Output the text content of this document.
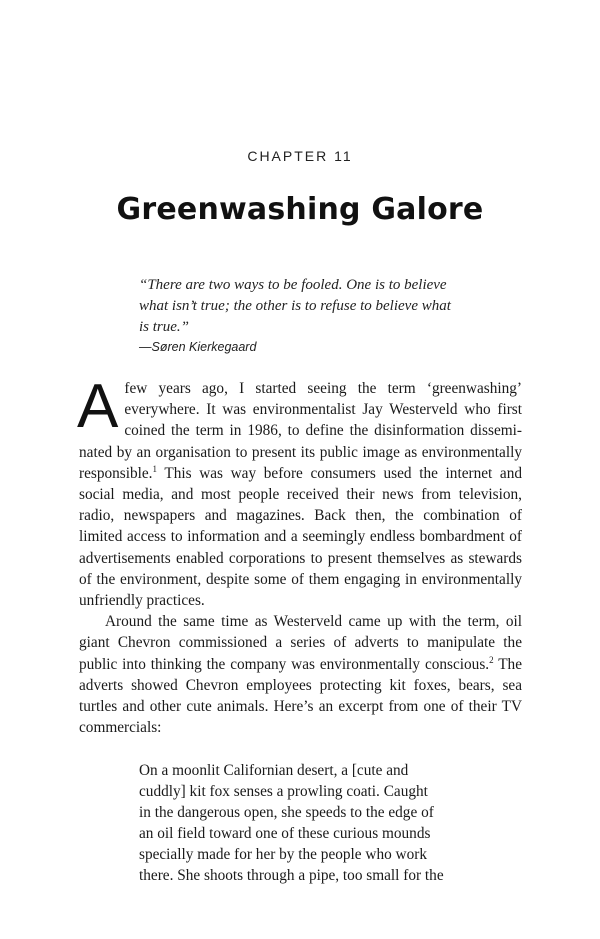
CHAPTER 11
Greenwashing Galore
“There are two ways to be fooled. One is to believe
what isn’t true; the other is to refuse to believe what
is true.”
—Søren Kierkegaard

Afew years ago, I started seeing the term ‘greenwashing’ everywhere. It was environmentalist Jay Westerveld who first coined the term in 1986, to define the disinformation disseminated by an organisation to present its public image as environmentally responsible.$^1$ This was way before consumers used the internet and social media, and most people received their news from television, radio, newspapers and magazines. Back then, the combination of limited access to information and a seemingly endless bombardment of advertisements enabled corporations to present themselves as stewards of the environment, despite some of them engaging in environmentally unfriendly practices.

Around the same time as Westerveld came up with the term, oil giant Chevron commissioned a series of adverts to manipulate the public into thinking the company was environmentally conscious.$^2$ The adverts showed Chevron employees protecting kit foxes, bears, sea turtles and other cute animals. Here’s an excerpt from one of their TV commercials:

On a moonlit Californian desert, a [cute and
cuddly] kit fox senses a prowling coati. Caught
in the dangerous open, she speeds to the edge of
an oil field toward one of these curious mounds
specially made for her by the people who work
there. She shoots through a pipe, too small for the
